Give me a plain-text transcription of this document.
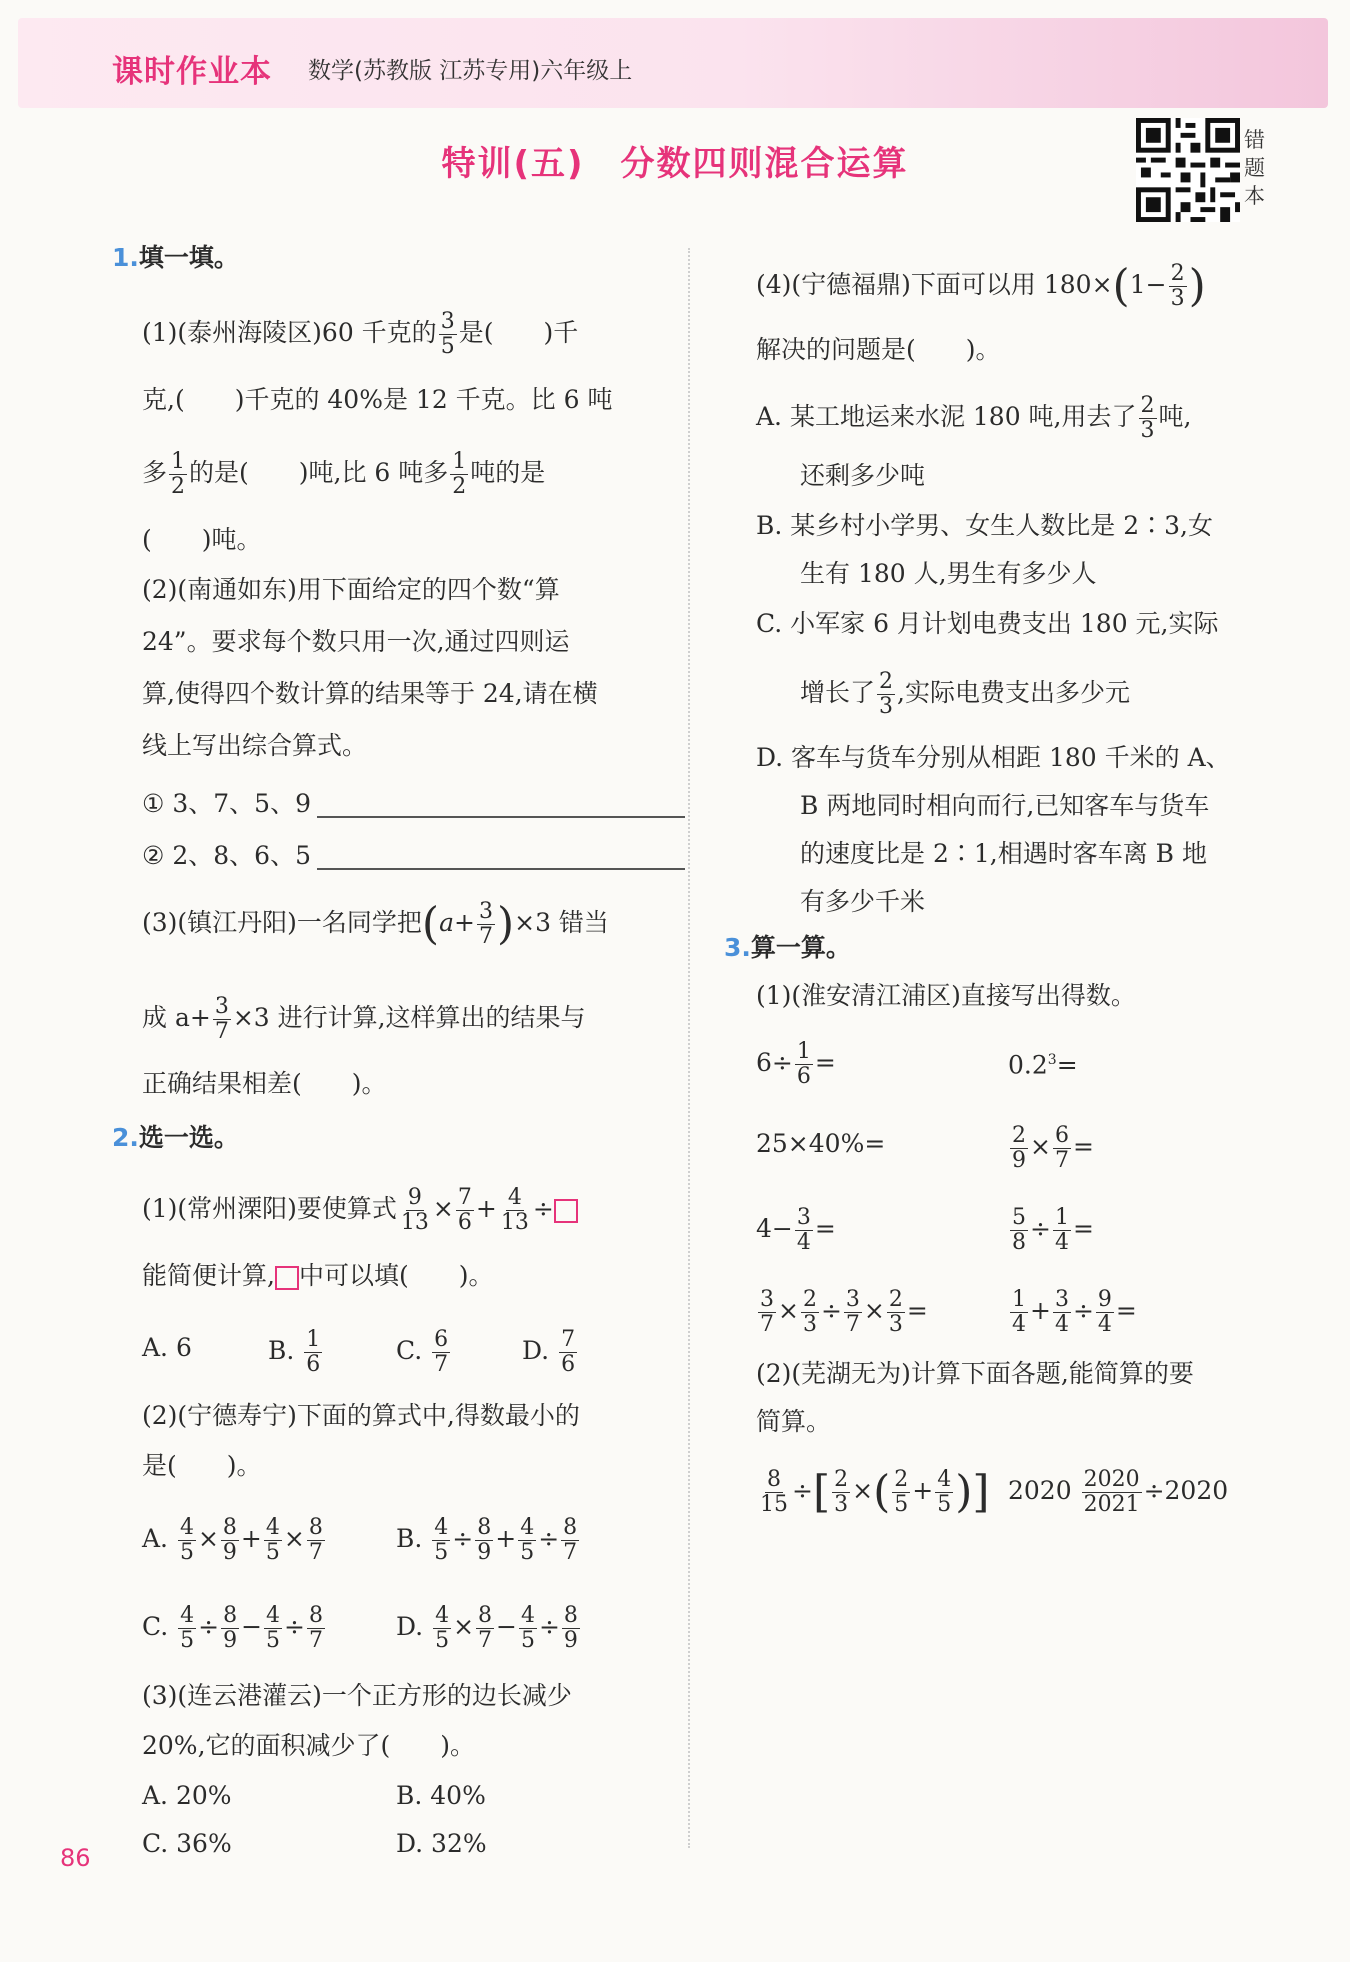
课时作业本 数学(苏教版 江苏专用)六年级上
特训(五)　分数四则混合运算
错题本
1.填一填。
(1)(泰州海陵区)60 千克的 $\frac{3}{5}$ 是(　　)千
克,(　　)千克的 40%是 12 千克。比 6 吨
多 $\frac{1}{2}$ 的是(　　)吨,比 6 吨多 $\frac{1}{2}$ 吨的是
(　　)吨。
(2)(南通如东)用下面给定的四个数“算
24”。要求每个数只用一次,通过四则运
算,使得四个数计算的结果等于 24,请在横
线上写出综合算式。
① 3、7、5、9
② 2、8、6、5
(3)(镇江丹阳)一名同学把$(a+ \frac{3}{7} )\times 3$ 错当
成 $a+ \frac{3}{7} \times 3$ 进行计算,这样算出的结果与
正确结果相差(　　)。
2.选一选。
(1)(常州溧阳)要使算式 $\frac{9}{13} \times \frac{7}{6} + \frac{4}{13}$ ÷
能简便计算, 中可以填(　　)。
A. 6	B. $\frac{1}{6}$	C. $\frac{6}{7}$	D. $\frac{7}{6}$
(2)(宁德寿宁)下面的算式中,得数最小的
是(　　)。
A. $\frac{4}{5} \times \frac{8}{9} + \frac{4}{5} \times \frac{8}{7}$	B. $\frac{4}{5} \div \frac{8}{9} + \frac{4}{5} \div \frac{8}{7}$
C. $\frac{4}{5} \div \frac{8}{9} - \frac{4}{5} \div \frac{8}{7}$	D. $\frac{4}{5} \times \frac{8}{7} - \frac{4}{5} \div \frac{8}{9}$
(3)(连云港灌云)一个正方形的边长减少
20%,它的面积减少了(　　)。
A. 20%	B. 40%
C. 36%	D. 32%
(4)(宁德福鼎)下面可以用 $180\times(1- \frac{2}{3}$ )
解决的问题是(　　)。
A. 某工地运来水泥 180 吨,用去了 $\frac{2}{3}$ 吨,
还剩多少吨
B. 某乡村小学男、女生人数比是 2∶3,女
生有 180 人,男生有多少人
C. 小军家 6 月计划电费支出 180 元,实际
增长了 $\frac{2}{3}$ ,实际电费支出多少元
D. 客车与货车分别从相距 180 千米的 A、
B 两地同时相向而行,已知客车与货车
的速度比是 2∶1,相遇时客车离 B 地
有多少千米
3.算一算。
(1)(淮安清江浦区)直接写出得数。
$6\div \frac{1}{6}$ =	$0.2^3=$
25×40%=	$\frac{2}{9} \times \frac{6}{7}$ =
$4- \frac{3}{4}$ =	$\frac{5}{8} \div \frac{1}{4}$ =
$\frac{3}{7} \times \frac{2}{3} \div \frac{3}{7} \times \frac{2}{3}$ =	$\frac{1}{4} + \frac{3}{4} \div \frac{9}{4}$ =
(2)(芜湖无为)计算下面各题,能简算的要
简算。
$\frac{8}{15}$ ÷[ $\frac{2}{3}$ ×( $\frac{2}{5} + \frac{4}{5}$ )] $2020 \frac{2020}{2021} \div 2020$
86
